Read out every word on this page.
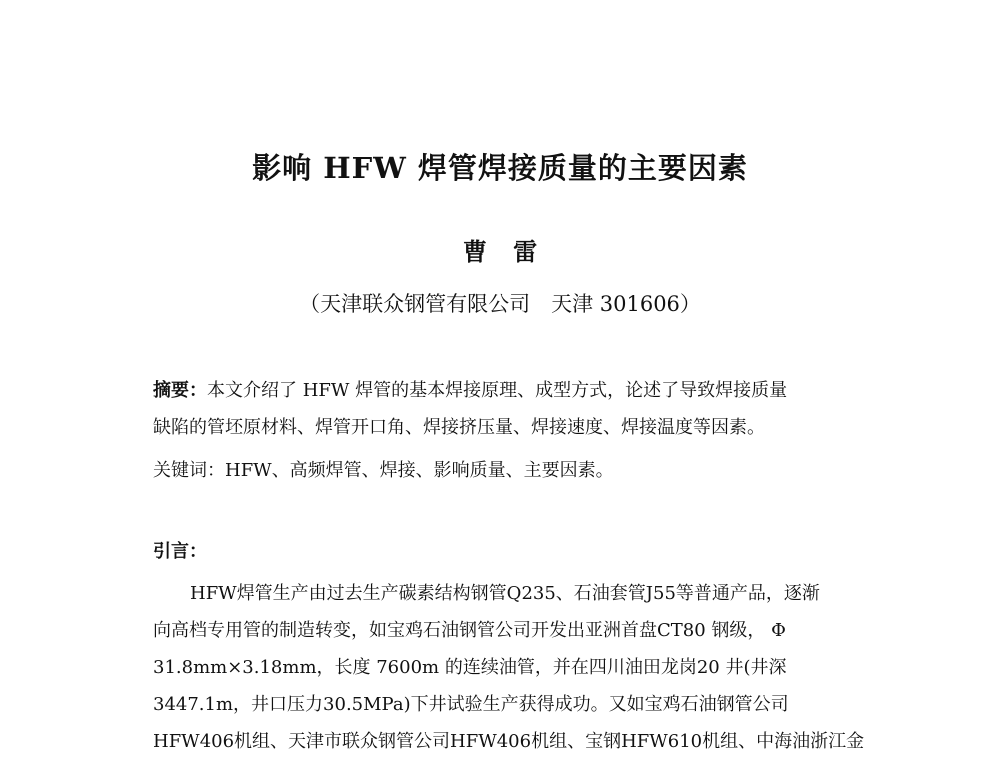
影响 HFW 焊管焊接质量的主要因素
曹 雷
（天津联众钢管有限公司　天津 301606）
摘要：本文介绍了 HFW 焊管的基本焊接原理、成型方式，论述了导致焊接质量
缺陷的管坯原材料、焊管开口角、焊接挤压量、焊接速度、焊接温度等因素。
关键词：HFW、高频焊管、焊接、影响质量、主要因素。
引言：
HFW焊管生产由过去生产碳素结构钢管Q235、石油套管J55等普通产品，逐渐
向高档专用管的制造转变，如宝鸡石油钢管公司开发出亚洲首盘CT80 钢级， Φ
31.8mm×3.18mm，长度 7600m 的连续油管，并在四川油田龙岗20 井(井深
3447.1m，井口压力30.5MPa)下井试验生产获得成功。又如宝鸡石油钢管公司
HFW406机组、天津市联众钢管公司HFW406机组、宝钢HFW610机组、中海油浙江金
